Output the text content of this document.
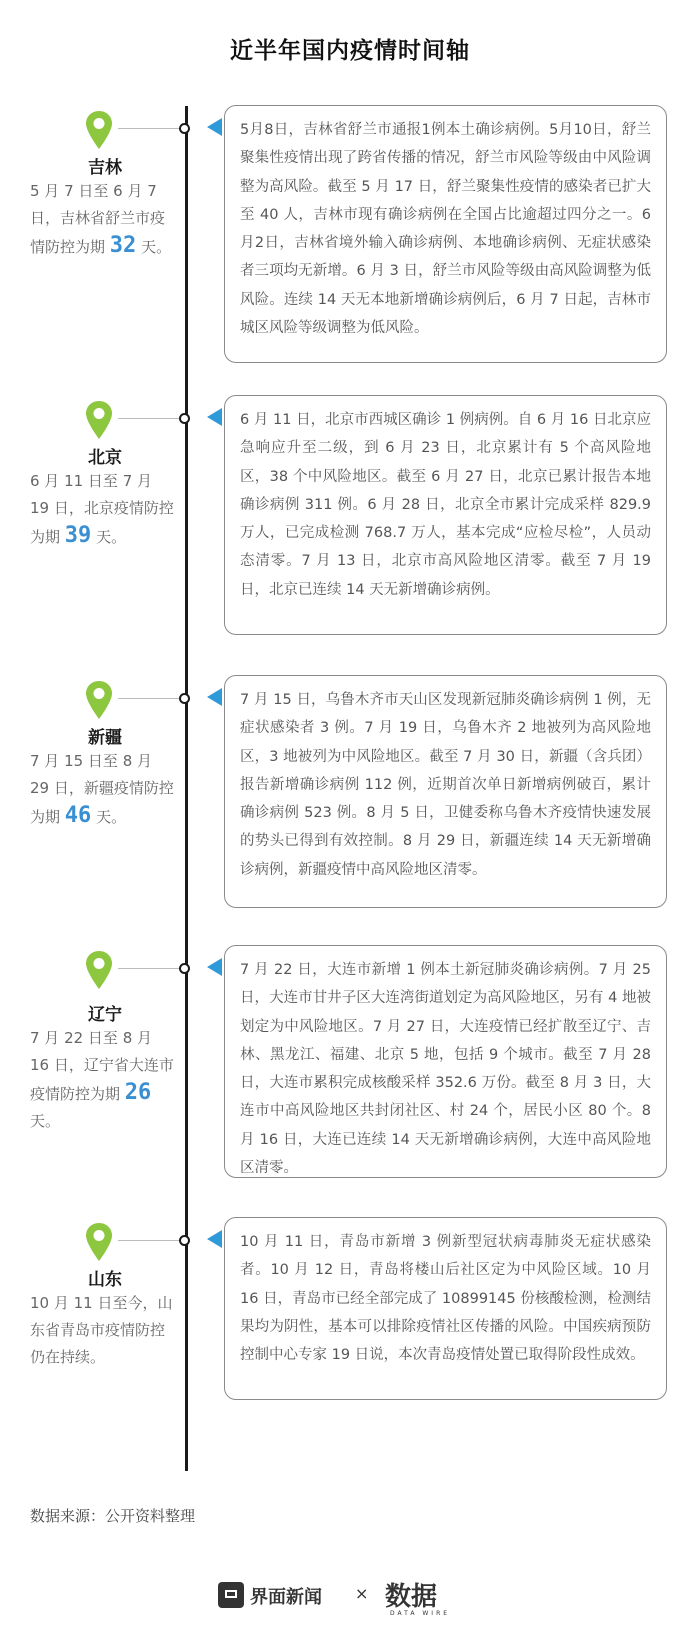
近半年国内疫情时间轴
吉林
5 月 7 日至 6 月 7 日，吉林省舒兰市疫情防控为期 32 天。
5月8日，吉林省舒兰市通报1例本土确诊病例。5月10日，舒兰聚集性疫情出现了跨省传播的情况，舒兰市风险等级由中风险调整为高风险。截至 5 月 17 日，舒兰聚集性疫情的感染者已扩大至 40 人，吉林市现有确诊病例在全国占比逾超过四分之一。6月2日，吉林省境外输入确诊病例、本地确诊病例、无症状感染者三项均无新增。6 月 3 日，舒兰市风险等级由高风险调整为低风险。连续 14 天无本地新增确诊病例后，6 月 7 日起，吉林市城区风险等级调整为低风险。
北京
6 月 11 日至 7 月 19 日，北京疫情防控为期 39 天。
6 月 11 日，北京市西城区确诊 1 例病例。自 6 月 16 日北京应急响应升至二级，到 6 月 23 日，北京累计有 5 个高风险地区，38 个中风险地区。截至 6 月 27 日，北京已累计报告本地确诊病例 311 例。6 月 28 日，北京全市累计完成采样 829.9 万人，已完成检测 768.7 万人，基本完成“应检尽检”，人员动态清零。7 月 13 日，北京市高风险地区清零。截至 7 月 19 日，北京已连续 14 天无新增确诊病例。
新疆
7 月 15 日至 8 月 29 日，新疆疫情防控为期 46 天。
7 月 15 日，乌鲁木齐市天山区发现新冠肺炎确诊病例 1 例，无症状感染者 3 例。7 月 19 日，乌鲁木齐 2 地被列为高风险地区，3 地被列为中风险地区。截至 7 月 30 日，新疆（含兵团）报告新增确诊病例 112 例，近期首次单日新增病例破百，累计确诊病例 523 例。8 月 5 日，卫健委称乌鲁木齐疫情快速发展的势头已得到有效控制。8 月 29 日，新疆连续 14 天无新增确诊病例，新疆疫情中高风险地区清零。
辽宁
7 月 22 日至 8 月 16 日，辽宁省大连市疫情防控为期 26 天。
7 月 22 日，大连市新增 1 例本土新冠肺炎确诊病例。7 月 25 日，大连市甘井子区大连湾街道划定为高风险地区，另有 4 地被划定为中风险地区。7 月 27 日，大连疫情已经扩散至辽宁、吉林、黑龙江、福建、北京 5 地，包括 9 个城市。截至 7 月 28 日，大连市累积完成核酸采样 352.6 万份。截至 8 月 3 日，大连市中高风险地区共封闭社区、村 24 个，居民小区 80 个。8 月 16 日，大连已连续 14 天无新增确诊病例，大连中高风险地区清零。
山东
10 月 11 日至今，山东省青岛市疫情防控仍在持续。
10 月 11 日，青岛市新增 3 例新型冠状病毒肺炎无症状感染者。10 月 12 日，青岛将楼山后社区定为中风险区域。10 月 16 日，青岛市已经全部完成了 10899145 份核酸检测，检测结果均为阴性，基本可以排除疫情社区传播的风险。中国疾病预防控制中心专家 19 日说，本次青岛疫情处置已取得阶段性成效。
数据来源：公开资料整理
界面新闻 × 数据
DATA WIRE
